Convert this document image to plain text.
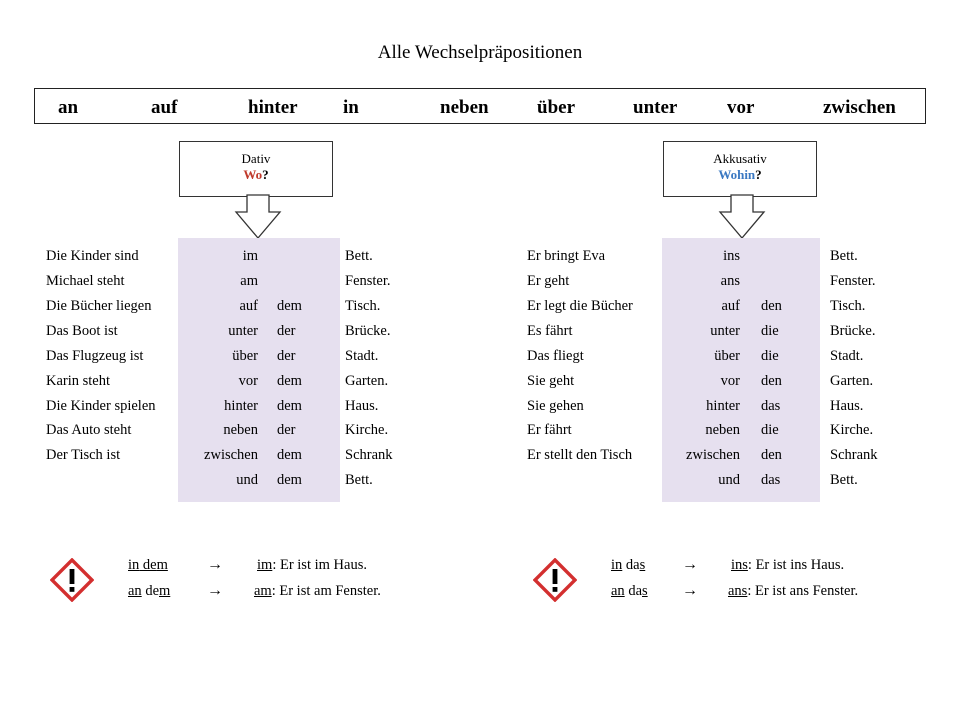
Alle Wechselpräpositionen
an	auf	hinter in	neben	über	unter	vor	zwischen
Dativ
Wo?
Akkusativ
Wohin?
Die Kinder sind	im	Bett.
Michael steht	am	Fenster.
Die Bücher liegen	auf dem	Tisch.
Das Boot ist	unter der	Brücke.
Das Flugzeug ist	über der	Stadt.
Karin steht	vor dem	Garten.
Die Kinder spielen	hinter dem	Haus.
Das Auto steht	neben der	Kirche.
Der Tisch ist	zwischen dem	Schrank
und dem	Bett.
Er bringt Eva	ins	Bett.
Er geht	ans	Fenster.
Er legt die Bücher	auf den	Tisch.
Es fährt	unter die	Brücke.
Das fliegt	über die	Stadt.
Sie geht	vor den	Garten.
Sie gehen	hinter das	Haus.
Er fährt	neben die	Kirche.
Er stellt den Tisch	zwischen den	Schrank
und das	Bett.
in dem → im: Er ist im Haus.
an dem → am: Er ist am Fenster.
in das → ins: Er ist ins Haus.
an das → ans: Er ist ans Fenster.
